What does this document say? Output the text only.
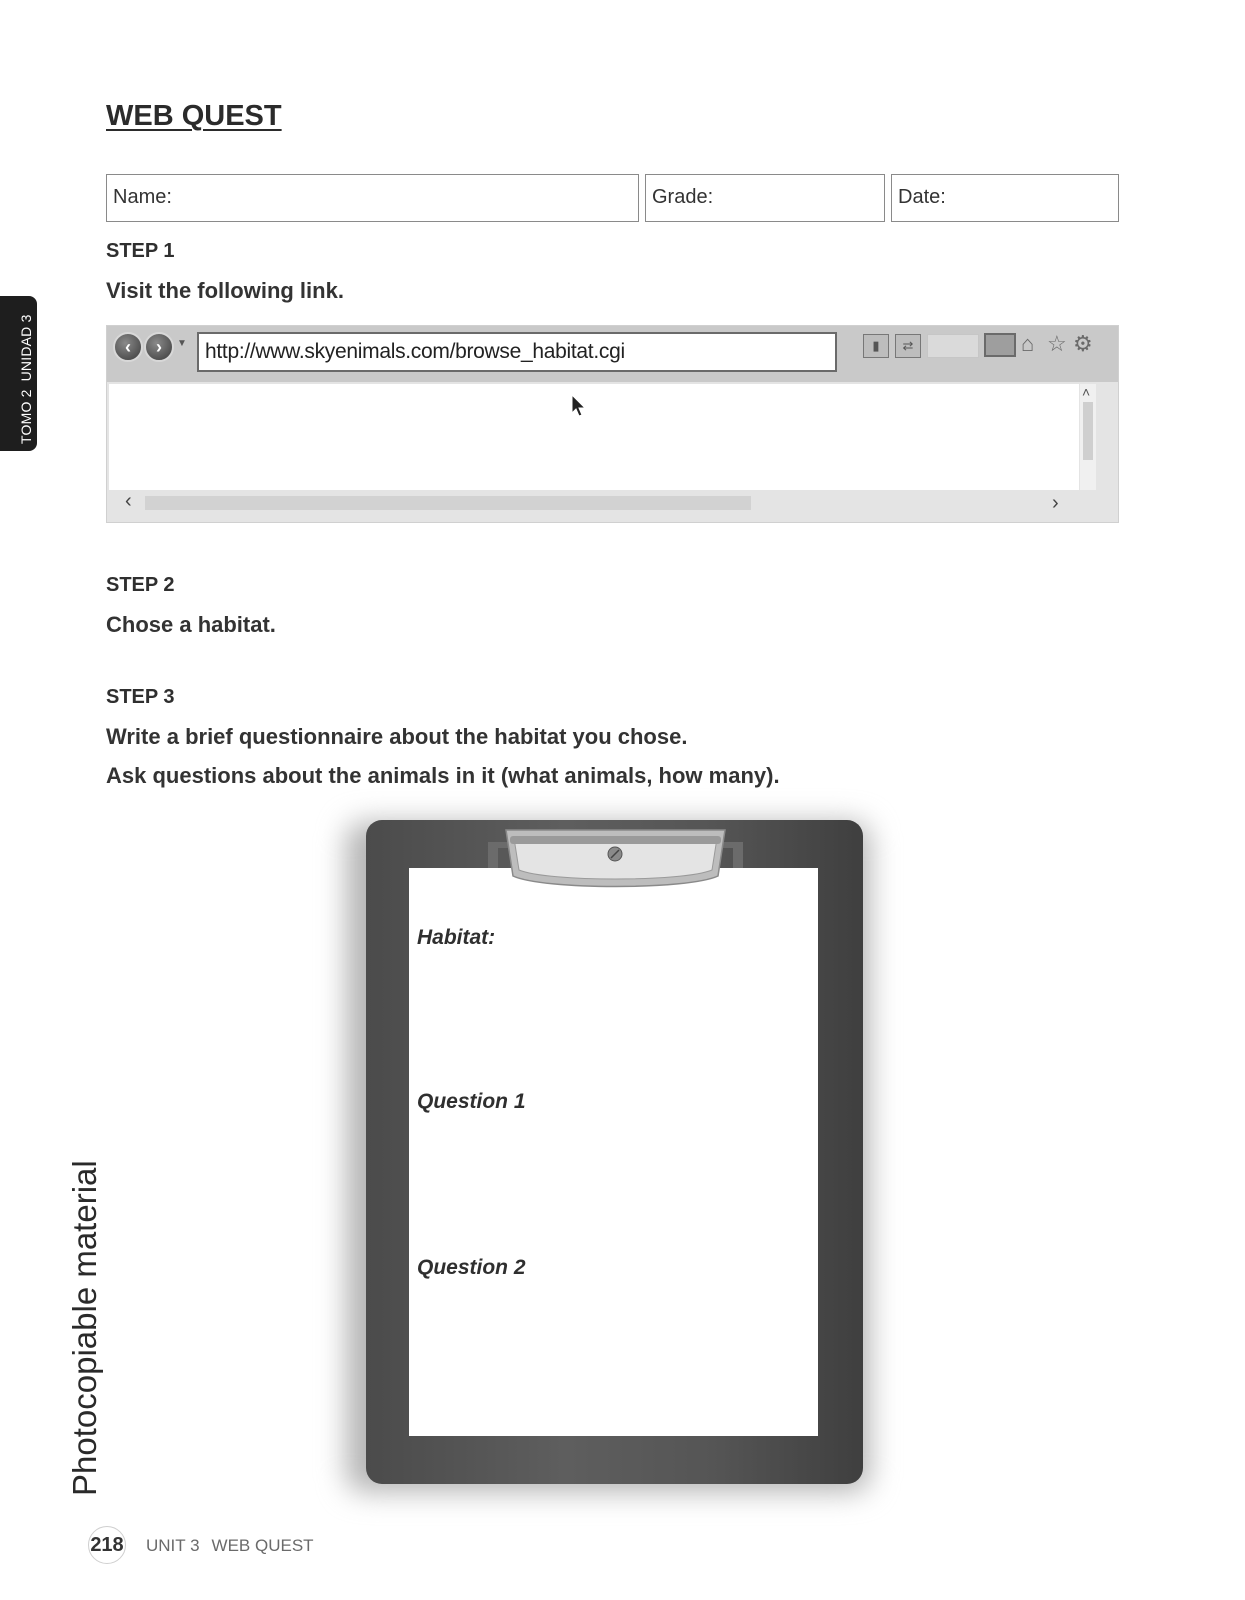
TOMO 2UNIDAD 3
WEB QUEST
Name:	Grade:	Date:
STEP 1
Visit the following link.
‹	›	▼ http://www.skyenimals.com/browse_habitat.cgi	▮	⇄	⌂ ☆ ⚙
˄
‹	›
STEP 2
Chose a habitat.
STEP 3
Write a brief questionnaire about the habitat you chose.
Ask questions about the animals in it (what animals, how many).
Habitat:
Question 1
Question 2
Photocopiable material
218 UNIT 3 WEB QUEST
